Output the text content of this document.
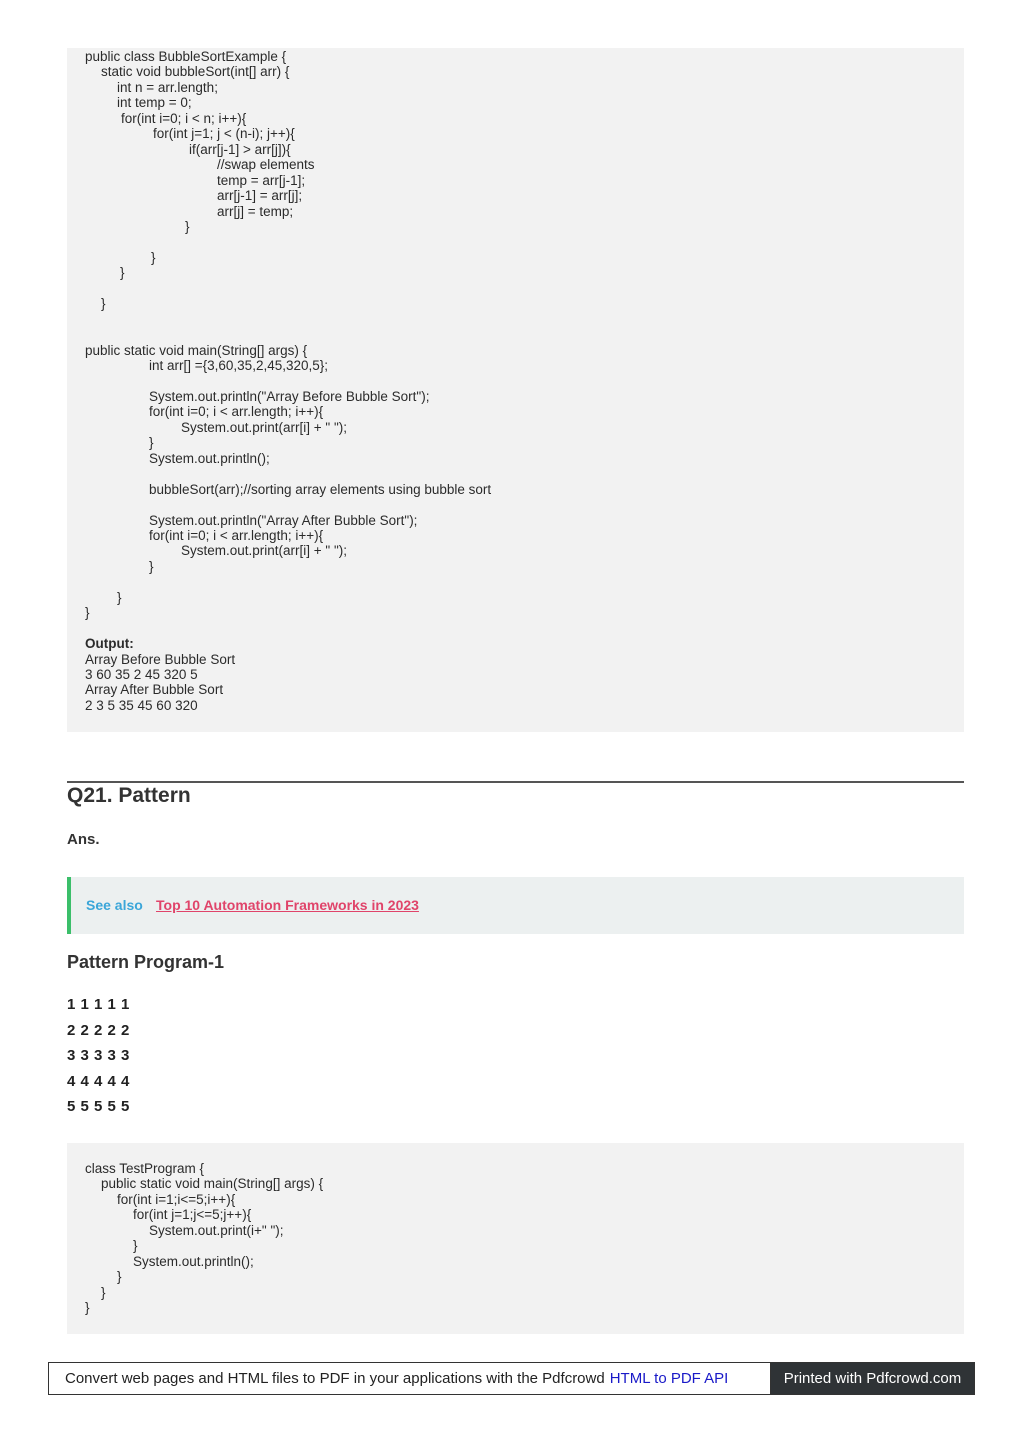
public class BubbleSortExample {
static void bubbleSort(int[] arr) {
int n = arr.length;
int temp = 0;
for(int i=0; i < n; i++){
for(int j=1; j < (n-i); j++){
if(arr[j-1] > arr[j]){
//swap elements
temp = arr[j-1];
arr[j-1] = arr[j];
arr[j] = temp;
}
}
}
}
public static void main(String[] args) {
int arr[] ={3,60,35,2,45,320,5};
System.out.println("Array Before Bubble Sort");
for(int i=0; i < arr.length; i++){
System.out.print(arr[i] + " ");
}
System.out.println();
bubbleSort(arr);//sorting array elements using bubble sort
System.out.println("Array After Bubble Sort");
for(int i=0; i < arr.length; i++){
System.out.print(arr[i] + " ");
}
}
}
Output:
Array Before Bubble Sort
3 60 35 2 45 320 5
Array After Bubble Sort
2 3 5 35 45 60 320
Q21. Pattern
Ans.
See also Top 10 Automation Frameworks in 2023
Pattern Program-1
1 1 1 1 1
2 2 2 2 2
3 3 3 3 3
4 4 4 4 4
5 5 5 5 5
class TestProgram {
public static void main(String[] args) {
for(int i=1;i<=5;i++){
for(int j=1;j<=5;j++){
System.out.print(i+" ");
}
System.out.println();
}
}
}
Convert web pages and HTML files to PDF in your applications with the Pdfcrowd HTML to PDF API	Printed with Pdfcrowd.com
